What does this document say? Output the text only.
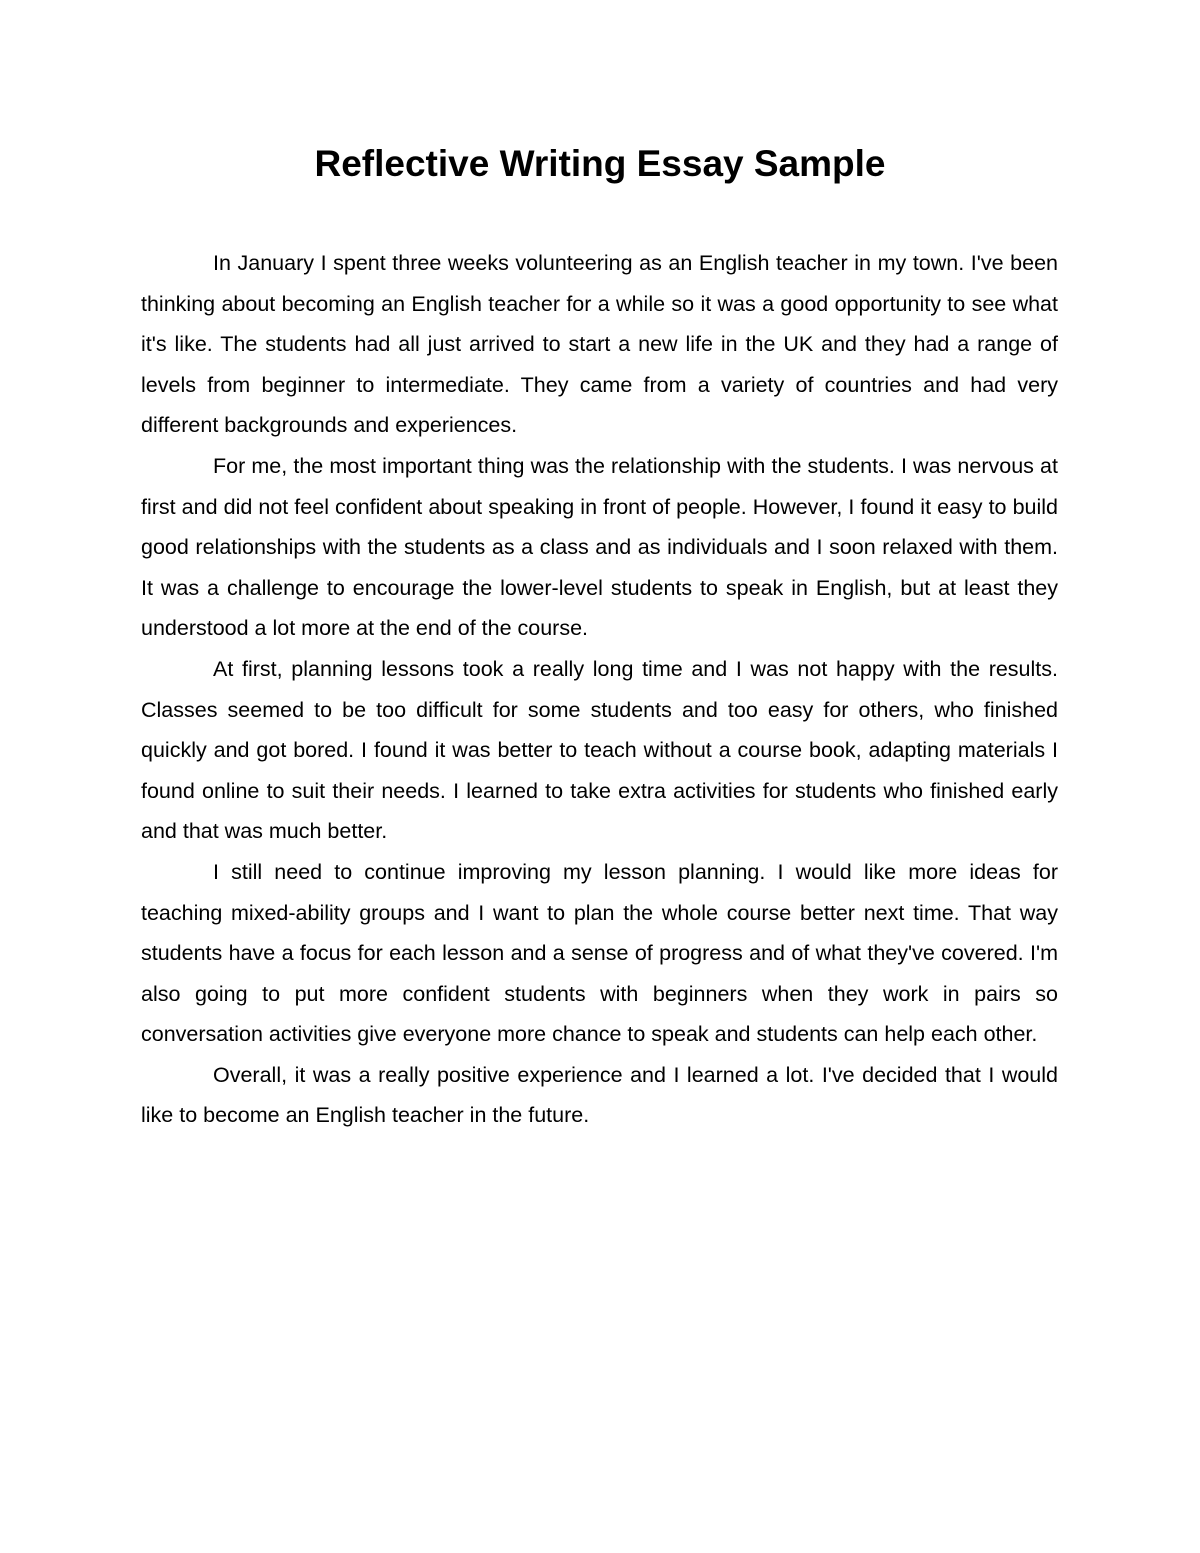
Reflective Writing Essay Sample

In January I spent three weeks volunteering as an English teacher in my town. I've been thinking about becoming an English teacher for a while so it was a good opportunity to see what it's like. The students had all just arrived to start a new life in the UK and they had a range of levels from beginner to intermediate. They came from a variety of countries and had very different backgrounds and experiences.

For me, the most important thing was the relationship with the students. I was nervous at first and did not feel confident about speaking in front of people. However, I found it easy to build good relationships with the students as a class and as individuals and I soon relaxed with them. It was a challenge to encourage the lower-level students to speak in English, but at least they understood a lot more at the end of the course.

At first, planning lessons took a really long time and I was not happy with the results. Classes seemed to be too difficult for some students and too easy for others, who finished quickly and got bored. I found it was better to teach without a course book, adapting materials I found online to suit their needs. I learned to take extra activities for students who finished early and that was much better.

I still need to continue improving my lesson planning. I would like more ideas for teaching mixed-ability groups and I want to plan the whole course better next time. That way students have a focus for each lesson and a sense of progress and of what they've covered. I'm also going to put more confident students with beginners when they work in pairs so conversation activities give everyone more chance to speak and students can help each other.

Overall, it was a really positive experience and I learned a lot. I've decided that I would like to become an English teacher in the future.
